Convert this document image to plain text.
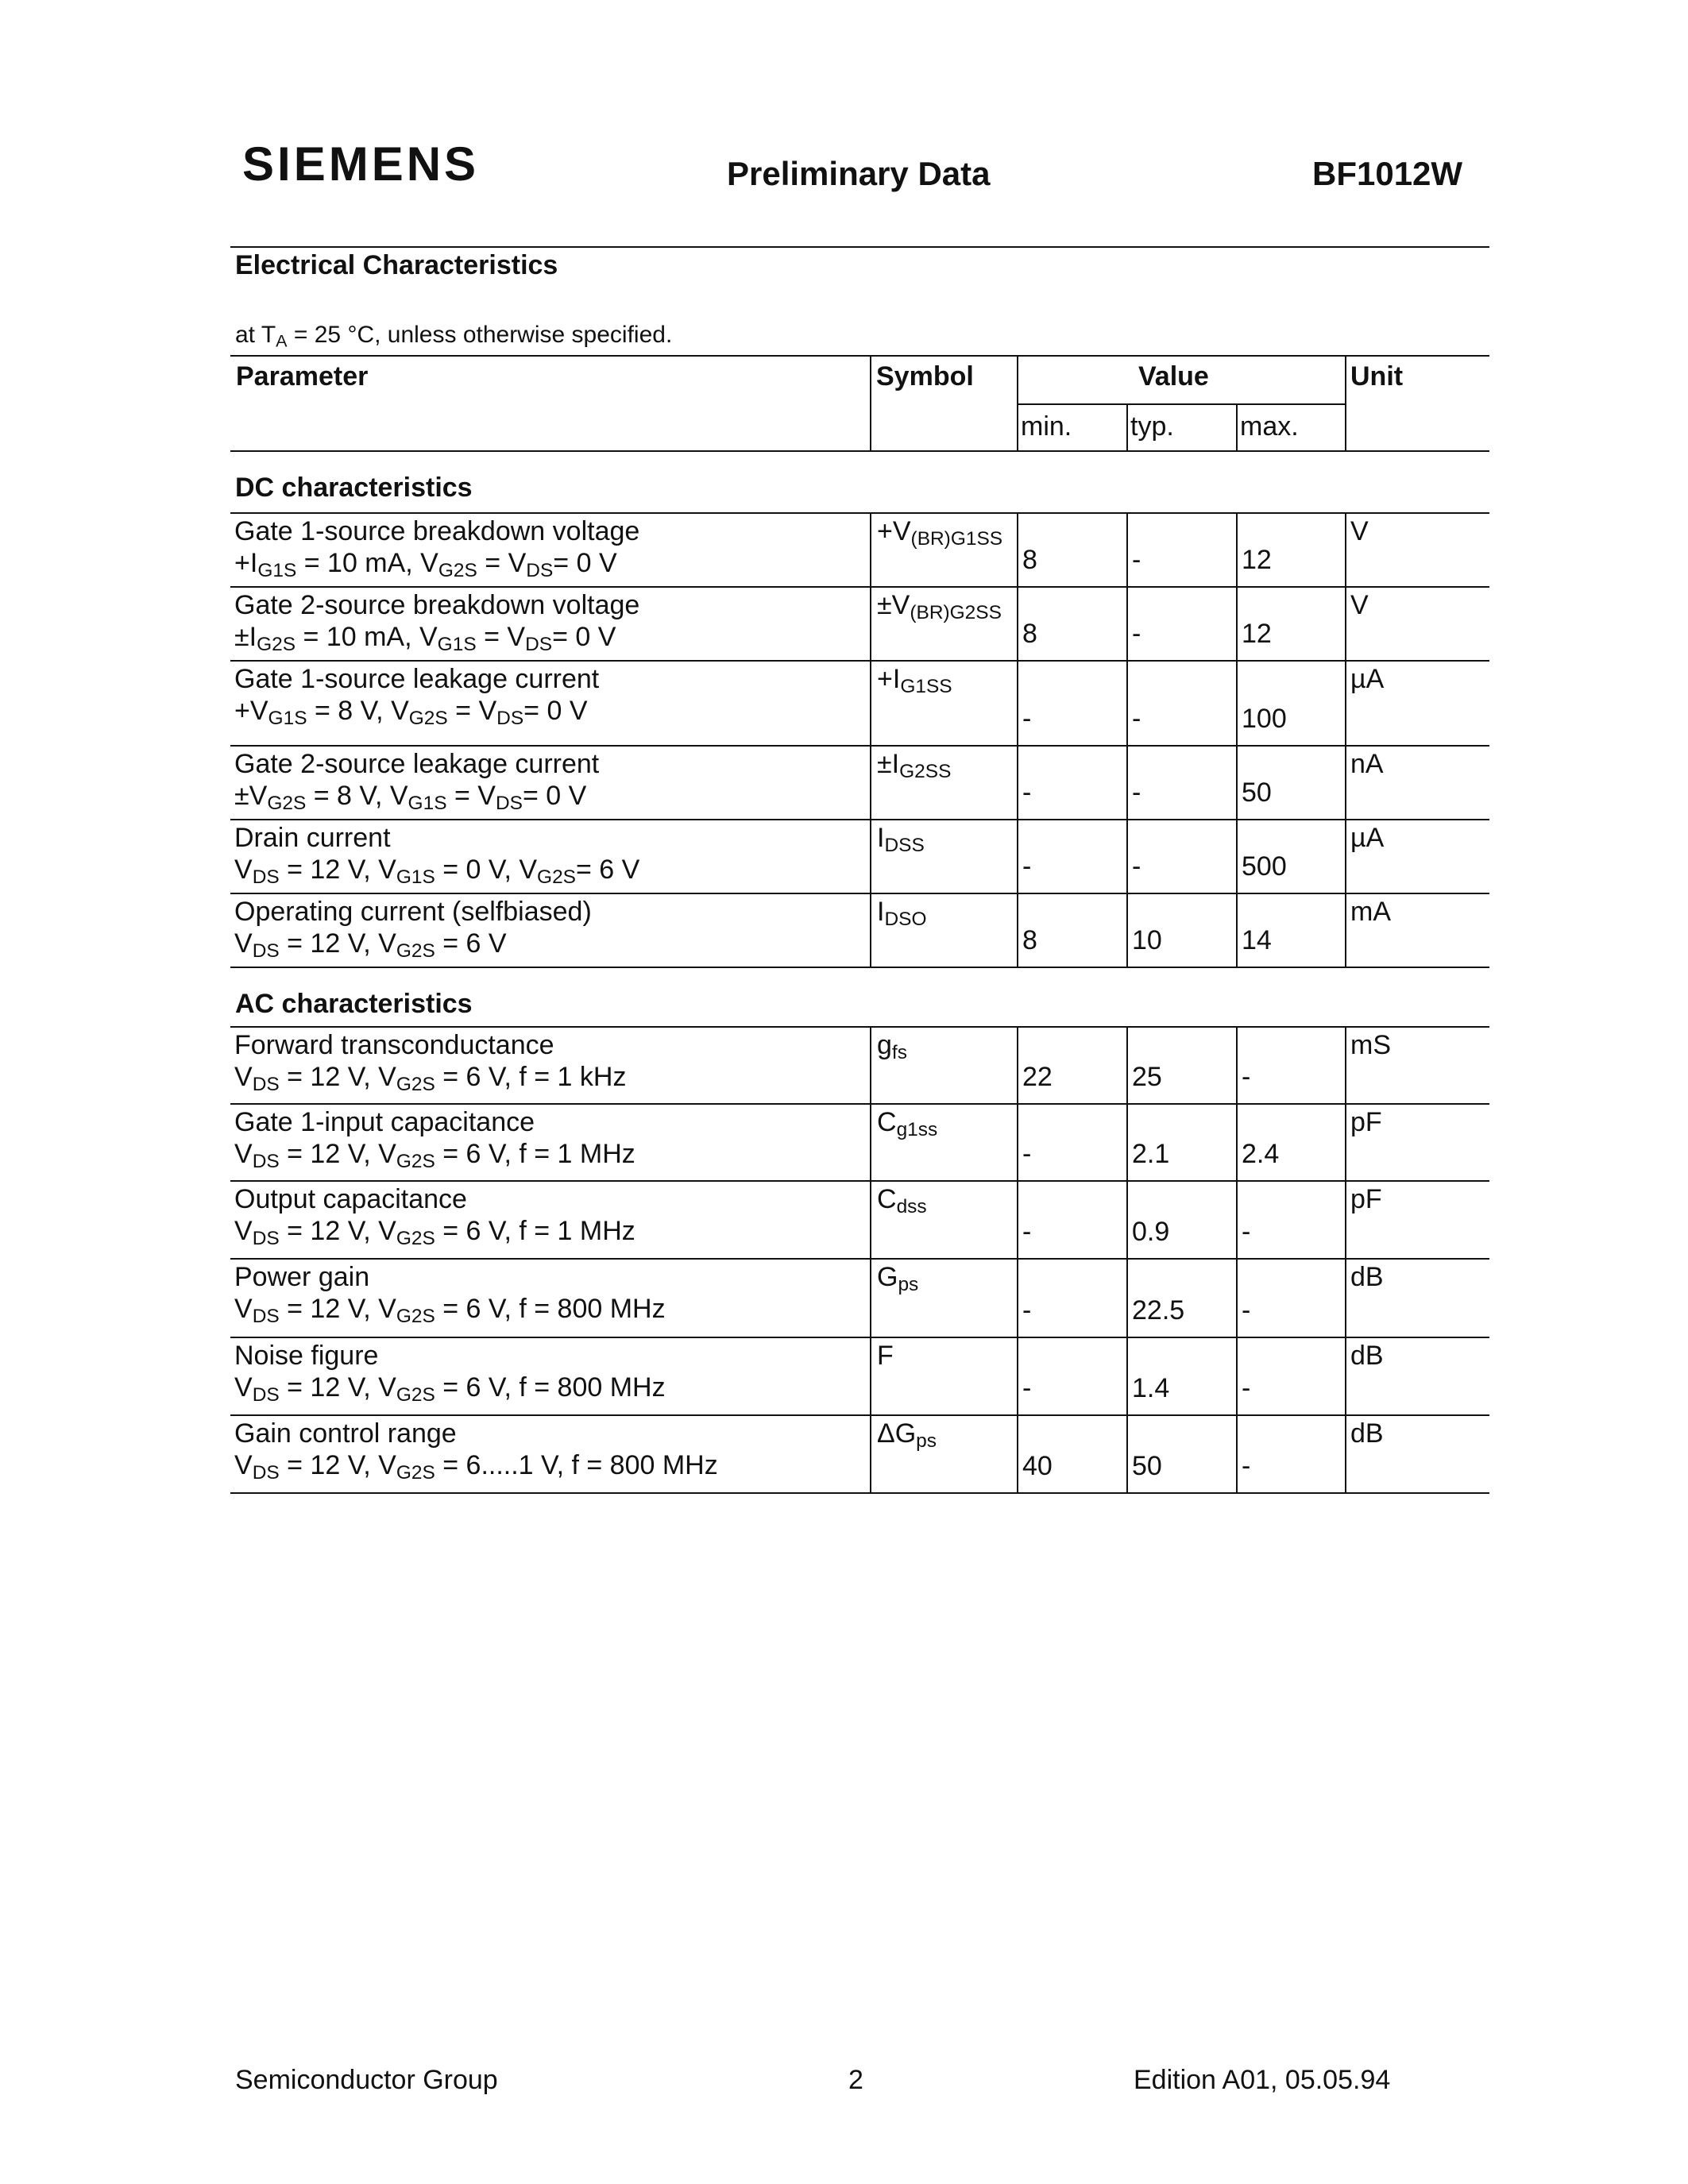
SIEMENS	Preliminary Data	BF1012W
Electrical Characteristics
at $T_A = 25$ °C, unless otherwise specified.
Parameter	Symbol	Value	Unit
min. typ. max.
DC characteristics
Gate 1-source breakdown voltage
$+I_{G1S} = 10$ mA, $V_{G2S} = V_{DS}= 0$ V
$+V_{(BR)G1SS}$
8	-	12
V
Gate 2-source breakdown voltage
$\pm I_{G2S} = 10$ mA, $V_{G1S} = V_{DS}= 0$ V
$\pm V_{(BR)G2SS}$
8	-	12
V
Gate 1-source leakage current
$+V_{G1S} = 8$ V, $V_{G2S} = V_{DS}= 0$ V
$+I_{G1SS}$
-	-	100
µA
Gate 2-source leakage current
$\pm V_{G2S} = 8$ V, $V_{G1S} = V_{DS}= 0$ V
$\pm I_{G2SS}$
-	-	50
nA
Drain current
$V_{DS} = 12$ V, $V_{G1S} = 0$ V, $V_{G2S}= 6$ V
$I_{DSS}$
-	-	500
µA
Operating current (selfbiased)
$V_{DS} = 12$ V, $V_{G2S} = 6$ V
$I_{DSO}$
8	10	14
mA
AC characteristics
Forward transconductance
$V_{DS} = 12$ V, $V_{G2S} = 6$ V, f = 1 kHz
$g_{fs}$
22	25	-
mS
Gate 1-input capacitance
$V_{DS} = 12$ V, $V_{G2S} = 6$ V, f = 1 MHz
$C_{g1ss}$
-	2.1	2.4
pF
Output capacitance
$V_{DS} = 12$ V, $V_{G2S} = 6$ V, f = 1 MHz
$C_{dss}$
-	0.9	-
pF
Power gain
$V_{DS} = 12$ V, $V_{G2S} = 6$ V, f = 800 MHz
$G_{ps}$
-	22.5 -
dB
Noise figure
$V_{DS} = 12$ V, $V_{G2S} = 6$ V, f = 800 MHz
F
-	1.4	-
dB
Gain control range
$V_{DS} = 12$ V, $V_{G2S} = 6.....1$ V, f = 800 MHz
$\Delta G_{ps}$
40	50	-
dB
Semiconductor Group	2	Edition A01, 05.05.94
